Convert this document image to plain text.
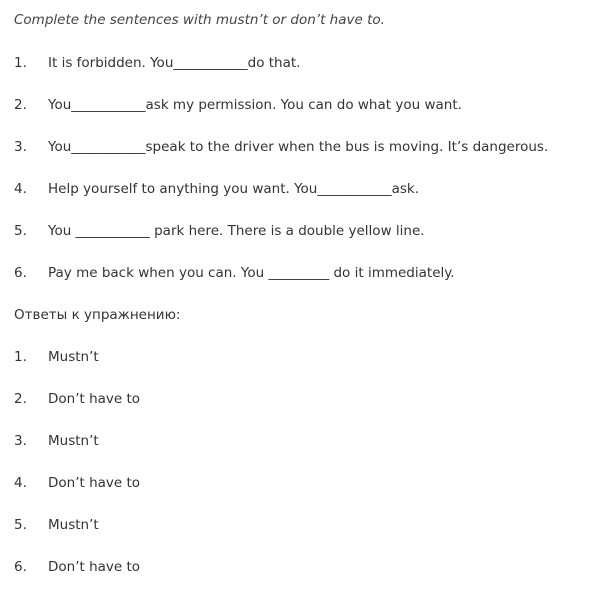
Complete the sentences with mustn’t or don’t have to.
1. It is forbidden. You___________do that.
2. You___________ask my permission. You can do what you want.
3. You___________speak to the driver when the bus is moving. It’s dangerous.
4. Help yourself to anything you want. You___________ask.
5. You ___________ park here. There is a double yellow line.
6. Pay me back when you can. You _________ do it immediately.
Ответы к упражнению:
1. Mustn’t
2. Don’t have to
3. Mustn’t
4. Don’t have to
5. Mustn’t
6. Don’t have to
